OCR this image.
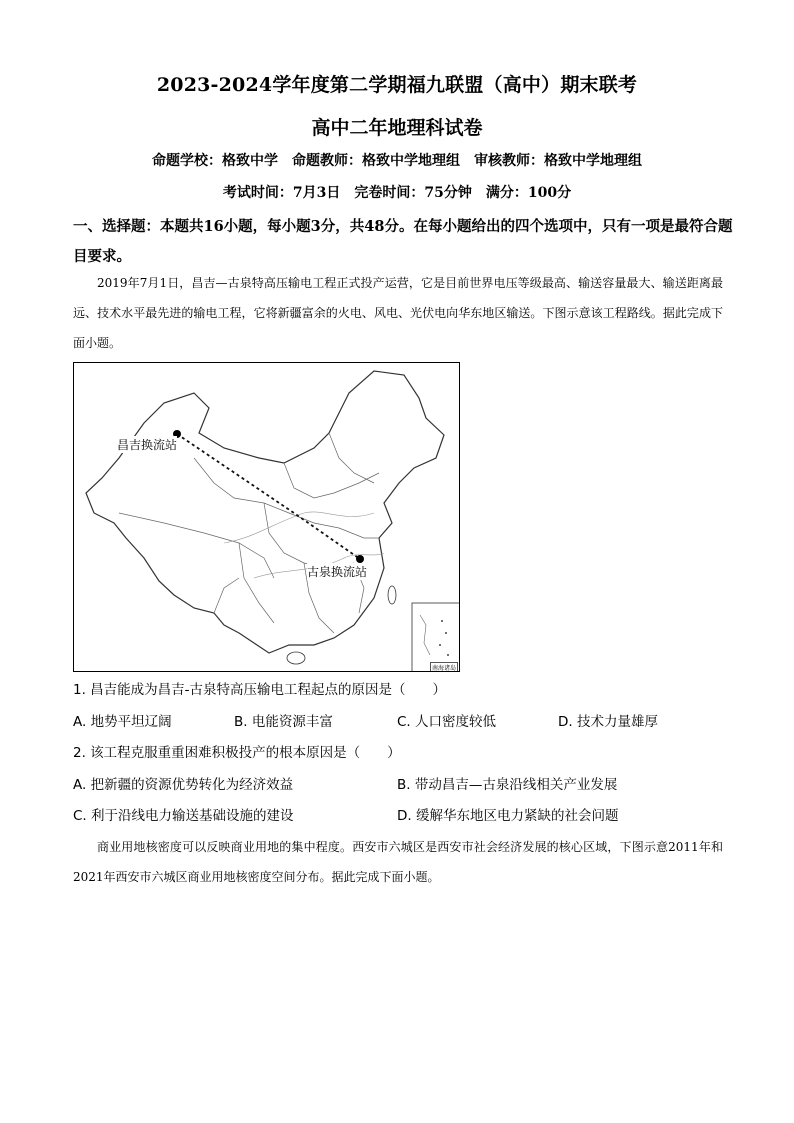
2023-2024学年度第二学期福九联盟（高中）期末联考
高中二年地理科试卷
命题学校：格致中学　命题教师：格致中学地理组　审核教师：格致中学地理组
考试时间：7月3日　完卷时间：75分钟　满分：100分
一、选择题：本题共16小题，每小题3分，共48分。在每小题给出的四个选项中，只有一项是最符合题目要求。
2019年7月1日，昌吉—古泉特高压输电工程正式投产运营，它是目前世界电压等级最高、输送容量最大、输送距离最远、技术水平最先进的输电工程，它将新疆富余的火电、风电、光伏电向华东地区输送。下图示意该工程路线。据此完成下面小题。
昌吉换流站
古泉换流站
南海诸岛
1. 昌吉能成为昌吉-古泉特高压输电工程起点的原因是（　　）
A. 地势平坦辽阔	B. 电能资源丰富	C. 人口密度较低	D. 技术力量雄厚
2. 该工程克服重重困难积极投产的根本原因是（　　）
A. 把新疆的资源优势转化为经济效益	B. 带动昌吉—古泉沿线相关产业发展
C. 利于沿线电力输送基础设施的建设	D. 缓解华东地区电力紧缺的社会问题
商业用地核密度可以反映商业用地的集中程度。西安市六城区是西安市社会经济发展的核心区域，下图示意2011年和2021年西安市六城区商业用地核密度空间分布。据此完成下面小题。
